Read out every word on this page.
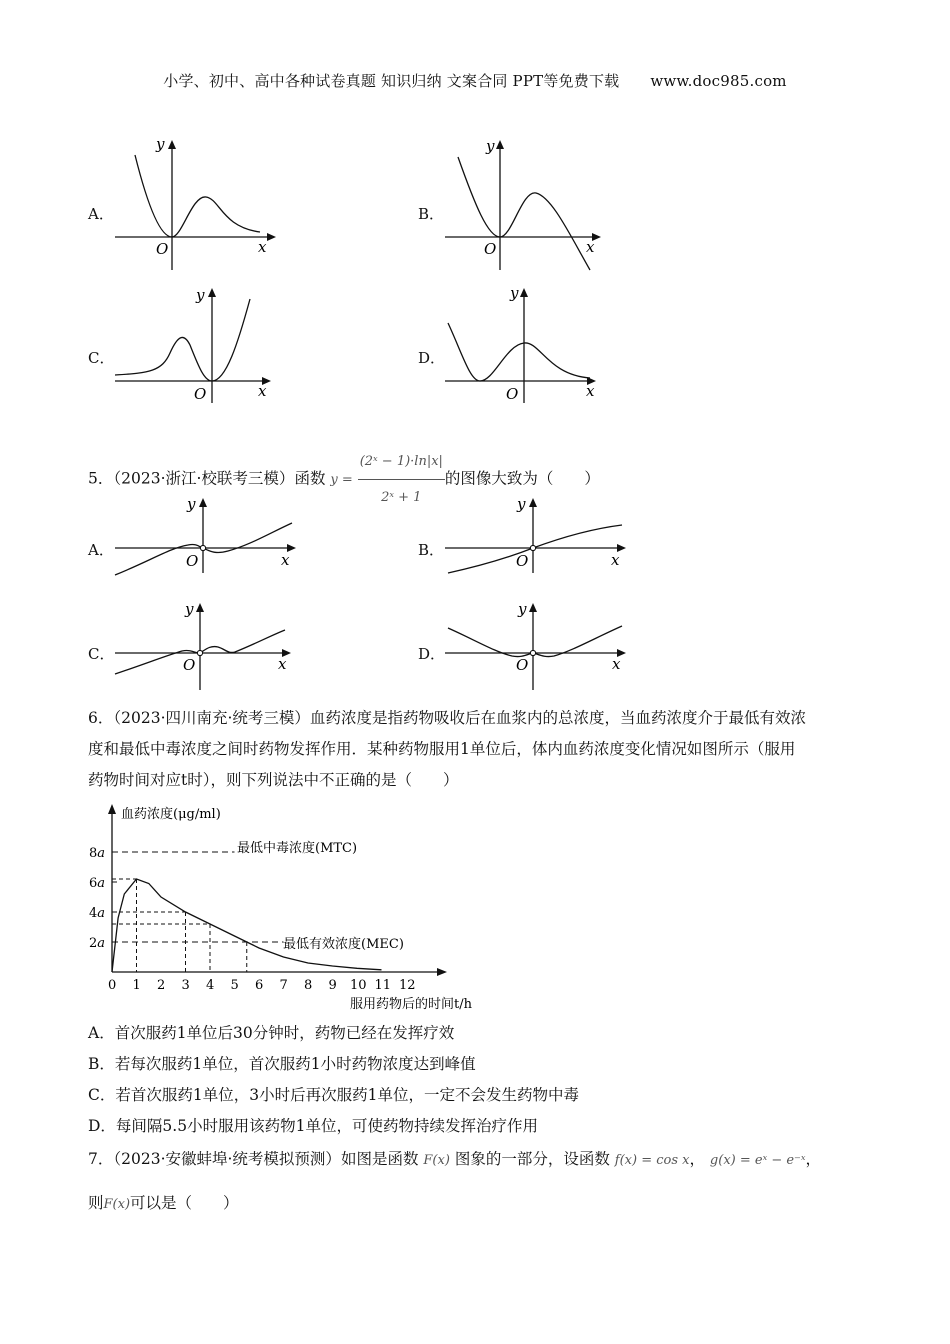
小学、初中、高中各种试卷真题 知识归纳 文案合同 PPT等免费下载 www.doc985.com
A．	B．
C．	D．
y
x
O
y
x
O
y
x
O
y
x
O
5．（2023·浙江·校联考三模）函数 $y = \frac{\text{(2ˣ − 1)·ln|x|}}{\text{2ˣ + 1}}$ 的图像大致为（　　）
A．	B．
C．	D．
y
x
O
y
x
O
y
x
O
y
x
O
6．（2023·四川南充·统考三模）血药浓度是指药物吸收后在血浆内的总浓度，当血药浓度介于最低有效浓
度和最低中毒浓度之间时药物发挥作用．某种药物服用1单位后，体内血药浓度变化情况如图所示（服用
药物时间对应t时），则下列说法中不正确的是（　　）
血药浓度(μg/ml)
服用药物后的时间t/h
0 1 2 3 4 5 6 7 8 9 10 11 12
2a
4a
6a
8a	最低中毒浓度(MTC)
最低有效浓度(MEC)
A．首次服药1单位后30分钟时，药物已经在发挥疗效
B．若每次服药1单位，首次服药1小时药物浓度达到峰值
C．若首次服药1单位，3小时后再次服药1单位，一定不会发生药物中毒
D．每间隔5.5小时服用该药物1单位，可使药物持续发挥治疗作用
7．（2023·安徽蚌埠·统考模拟预测）如图是函数 F(x) 图象的一部分，设函数 f(x) = cos x， g(x) = eˣ − e⁻ˣ，
则F(x)可以是（　　）
